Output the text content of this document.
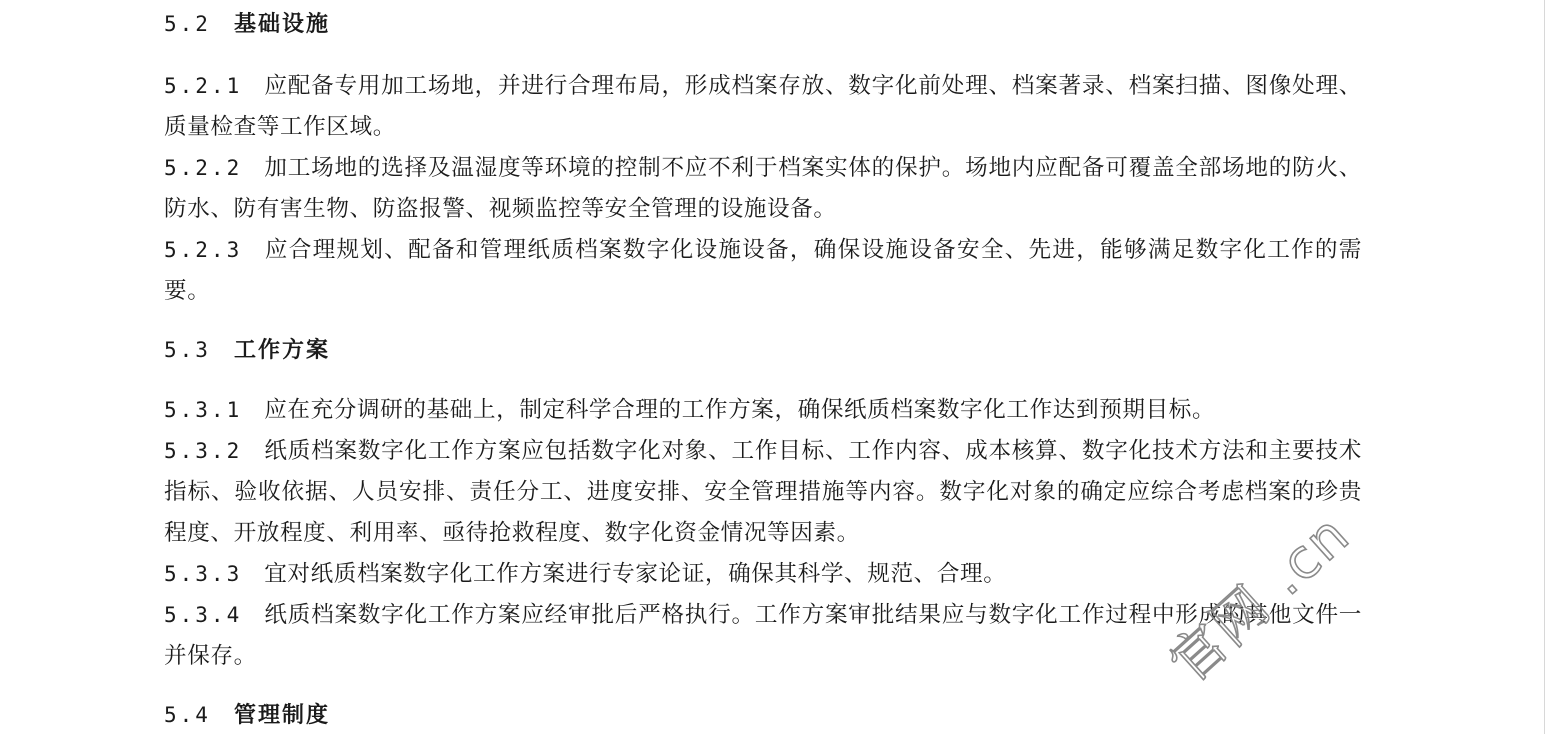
5.2 基础设施
5.2.1 应配备专用加工场地，并进行合理布局，形成档案存放、数字化前处理、档案著录、档案扫描、图像处理、质量检查等工作区域。
5.2.2 加工场地的选择及温湿度等环境的控制不应不利于档案实体的保护。场地内应配备可覆盖全部场地的防火、防水、防有害生物、防盗报警、视频监控等安全管理的设施设备。
5.2.3 应合理规划、配备和管理纸质档案数字化设施设备，确保设施设备安全、先进，能够满足数字化工作的需要。
5.3 工作方案
5.3.1 应在充分调研的基础上，制定科学合理的工作方案，确保纸质档案数字化工作达到预期目标。
5.3.2 纸质档案数字化工作方案应包括数字化对象、工作目标、工作内容、成本核算、数字化技术方法和主要技术指标、验收依据、人员安排、责任分工、进度安排、安全管理措施等内容。数字化对象的确定应综合考虑档案的珍贵程度、开放程度、利用率、亟待抢救程度、数字化资金情况等因素。
5.3.3 宜对纸质档案数字化工作方案进行专家论证，确保其科学、规范、合理。
5.3.4 纸质档案数字化工作方案应经审批后严格执行。工作方案审批结果应与数字化工作过程中形成的其他文件一并保存。
5.4 管理制度
官网 .cn
